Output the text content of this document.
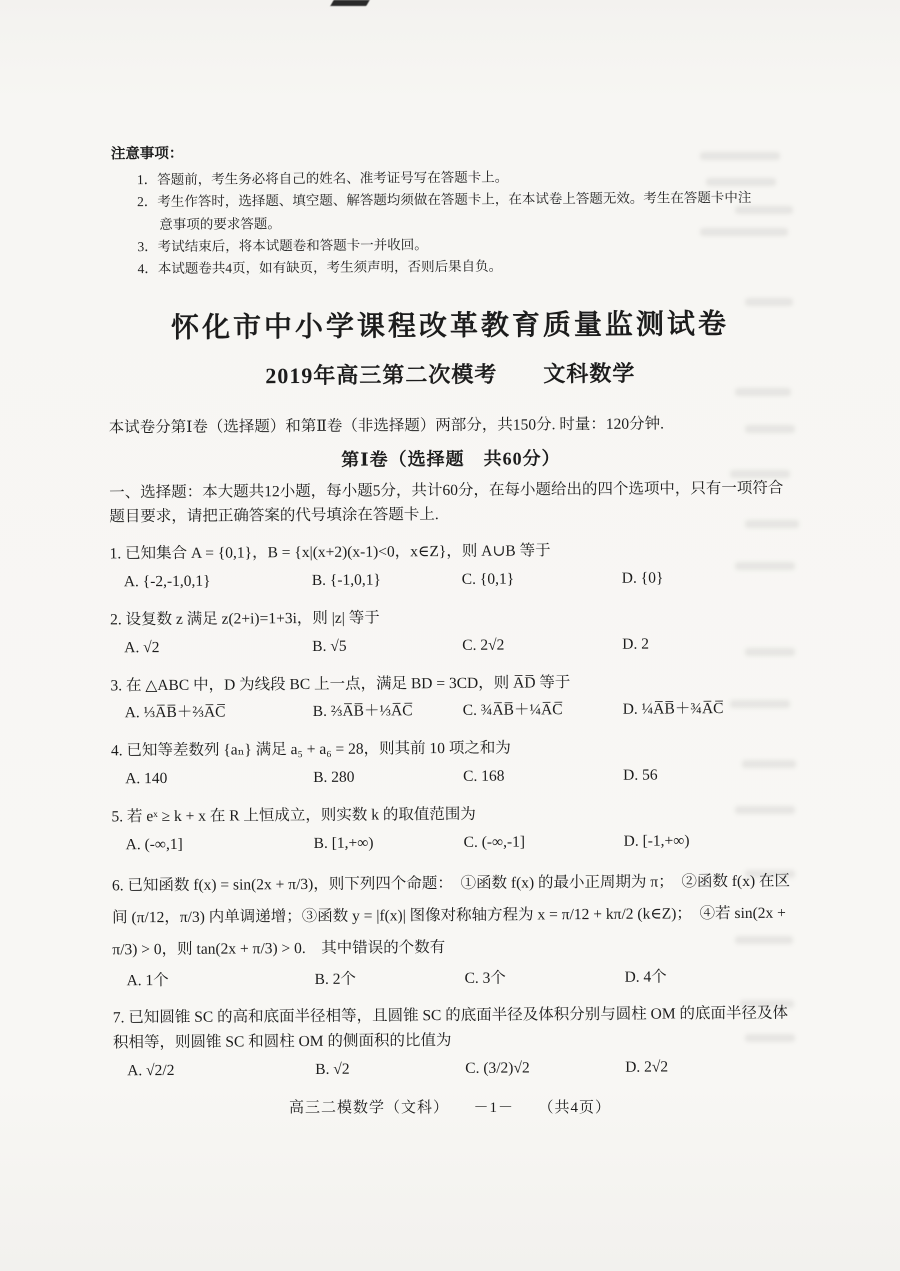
注意事项：
1．答题前，考生务必将自己的姓名、准考证号写在答题卡上。
2．考生作答时，选择题、填空题、解答题均须做在答题卡上，在本试卷上答题无效。考生在答题卡中注意事项的要求答题。
3．考试结束后，将本试题卷和答题卡一并收回。
4．本试题卷共4页，如有缺页，考生须声明，否则后果自负。
怀化市中小学课程改革教育质量监测试卷
2019年高三第二次模考　　文科数学
本试卷分第Ⅰ卷（选择题）和第Ⅱ卷（非选择题）两部分，共150分. 时量：120分钟.
第Ⅰ卷（选择题　共60分）
一、选择题：本大题共12小题，每小题5分，共计60分，在每小题给出的四个选项中，只有一项符合题目要求，请把正确答案的代号填涂在答题卡上.
1. 已知集合 A = {0,1}，B = {x|(x+2)(x-1)<0，x∈Z}，则 A∪B 等于
A. {-2,-1,0,1}	B. {-1,0,1}	C. {0,1}	D. {0}
2. 设复数 z 满足 z(2+i)=1+3i，则 |z| 等于
A. √2	B. √5	C. 2√2	D. 2
3. 在 △ABC 中，D 为线段 BC 上一点，满足 BD = 3CD，则 A̅D̅ 等于
A. ⅓A̅B̅＋⅔A̅C̅	B. ⅔A̅B̅＋⅓A̅C̅	C. ¾A̅B̅＋¼A̅C̅	D. ¼A̅B̅＋¾A̅C̅
4. 已知等差数列 {aₙ} 满足 a₅ + a₆ = 28，则其前 10 项之和为
A. 140	B. 280	C. 168	D. 56
5. 若 eˣ ≥ k + x 在 R 上恒成立，则实数 k 的取值范围为
A. (-∞,1]	B. [1,+∞)	C. (-∞,-1]	D. [-1,+∞)
6. 已知函数 f(x) = sin(2x + π/3)，则下列四个命题：　①函数 f(x) 的最小正周期为 π；　②函数 f(x) 在区间 (π/12，π/3) 内单调递增；③函数 y = |f(x)| 图像对称轴方程为 x = π/12 + kπ/2 (k∈Z)；　④若 sin(2x + π/3) > 0，则 tan(2x + π/3) > 0.　其中错误的个数有
A. 1个	B. 2个	C. 3个	D. 4个
7. 已知圆锥 SC 的高和底面半径相等，且圆锥 SC 的底面半径及体积分别与圆柱 OM 的底面半径及体积相等，则圆锥 SC 和圆柱 OM 的侧面积的比值为
A. √2/2	B. √2	C. (3/2)√2	D. 2√2
高三二模数学（文科）　　－1－　　（共4页）
